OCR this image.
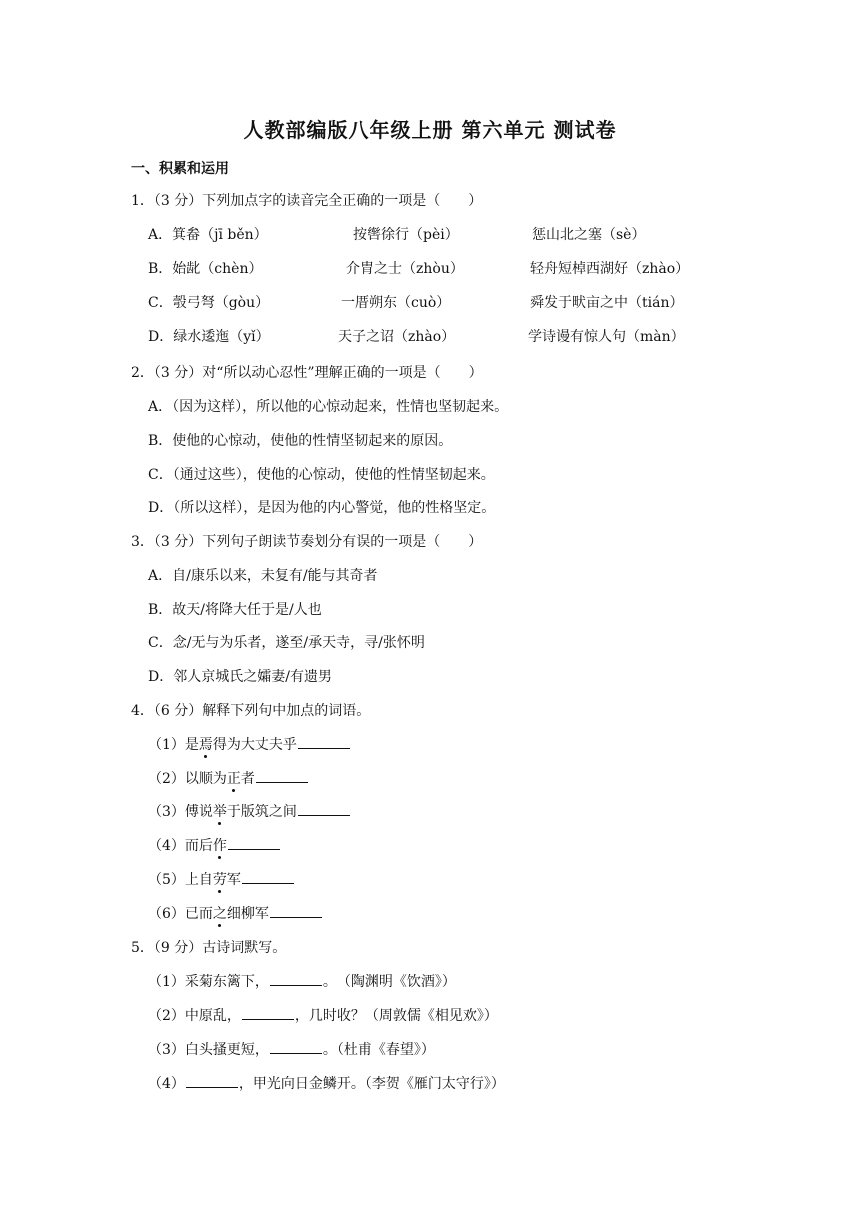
人教部编版八年级上册 第六单元 测试卷
一、积累和运用
1．（3 分）下列加点字的读音完全正确的一项是（　　）
A．箕畚（jī běn）	按辔徐行（pèi）	惩山北之塞（sè）
B．始龀（chèn）	介胄之士（zhòu）	轻舟短棹西湖好（zhào）
C．彀弓弩（gòu）	一厝朔东（cuò）	舜发于畎亩之中（tián）
D．绿水逶迤（yǐ）	天子之诏（zhào）	学诗谩有惊人句（màn）
2．（3 分）对“所以动心忍性”理解正确的一项是（　　）
A．（因为这样），所以他的心惊动起来，性情也坚韧起来。
B．使他的心惊动，使他的性情坚韧起来的原因。
C．（通过这些），使他的心惊动，使他的性情坚韧起来。
D．（所以这样），是因为他的内心警觉，他的性格坚定。
3．（3 分）下列句子朗读节奏划分有误的一项是（　　）
A．自/康乐以来，未复有/能与其奇者
B．故天/将降大任于是/人也
C．念/无与为乐者，遂至/承天寺，寻/张怀明
D．邻人京城氏之孀妻/有遗男
4．（6 分）解释下列句中加点的词语。
（1）是焉得为大丈夫乎
（2）以顺为正者
（3）傅说举于版筑之间
（4）而后作
（5）上自劳军
（6）已而之细柳军
5．（9 分）古诗词默写。
（1）采菊东篱下，	。　（陶渊明《饮酒》）
（2）中原乱，	，几时收？（周敦儒《相见欢》）
（3）白头搔更短，	。（杜甫《春望》）
（4）	，甲光向日金鳞开。（李贺《雁门太守行》）
